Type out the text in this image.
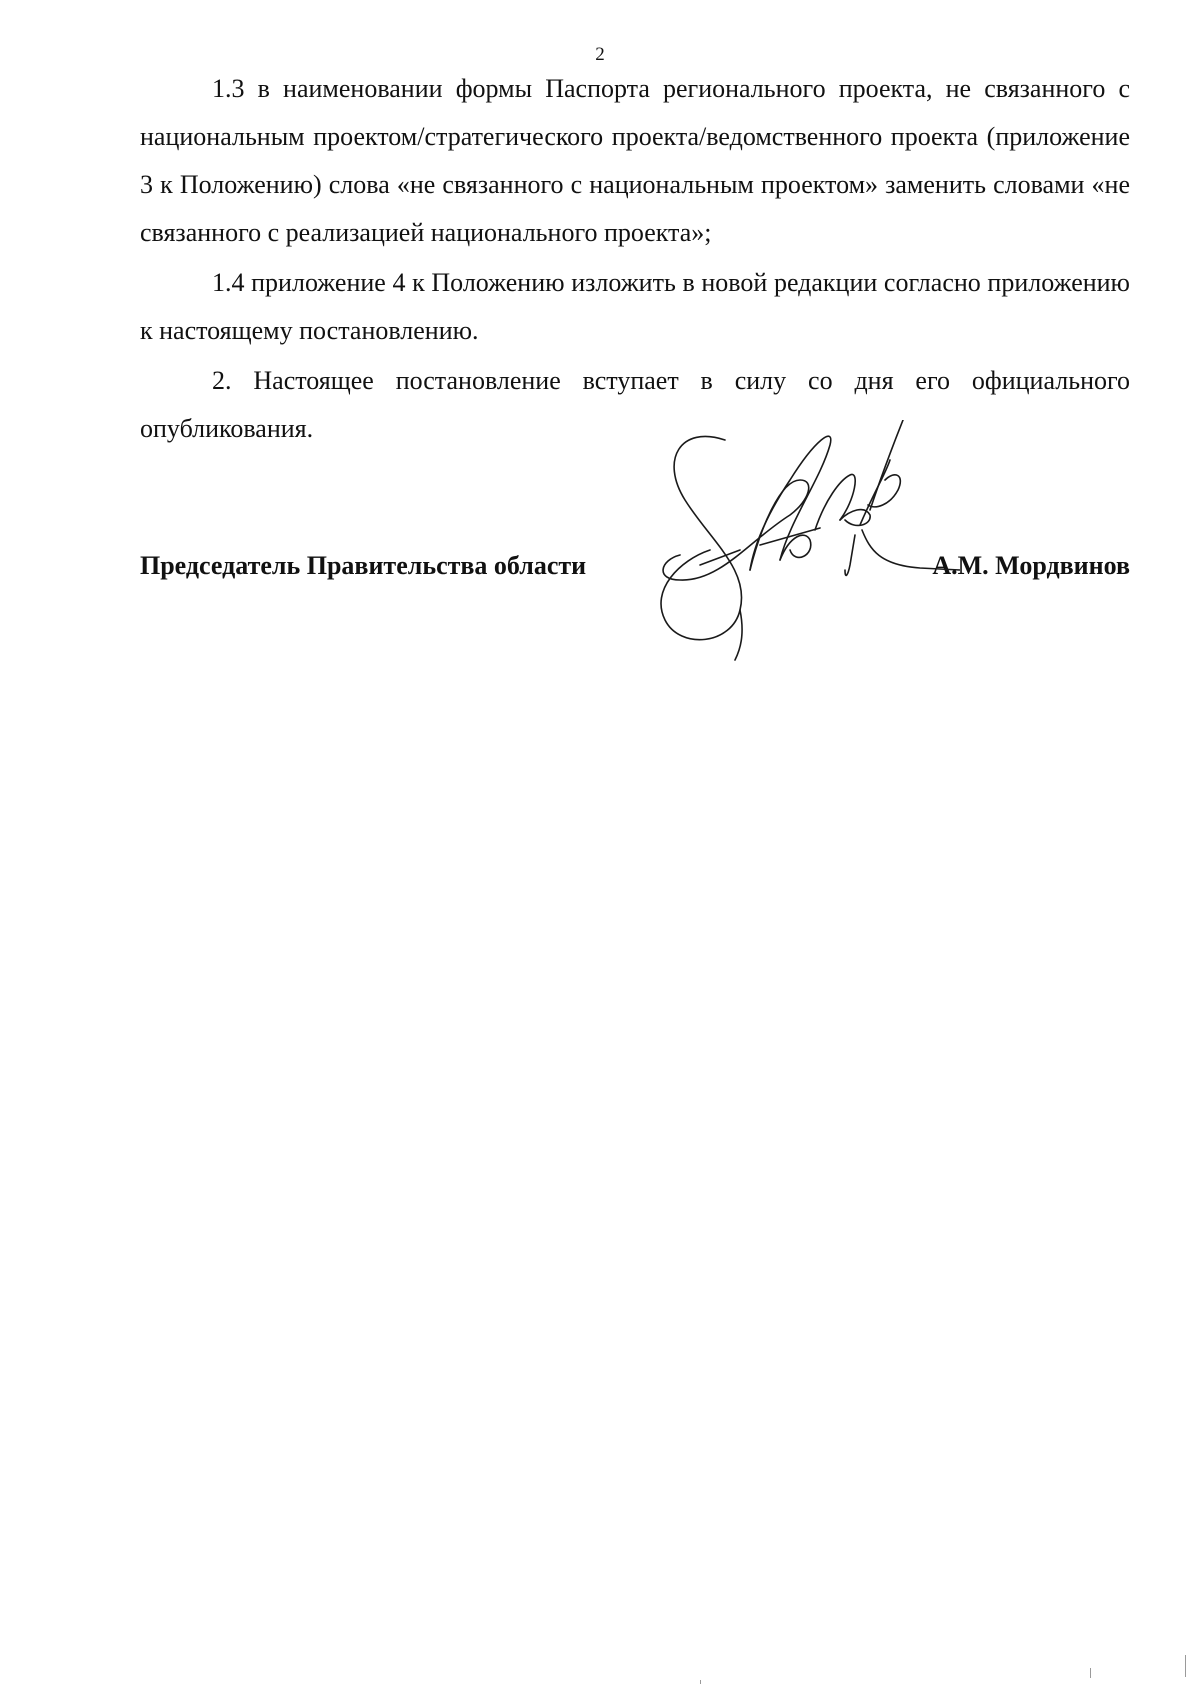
2

1.3 в наименовании формы Паспорта регионального проекта, не связанного с национальным проектом/стратегического проекта/ведомственного проекта (приложение 3 к Положению) слова «не связанного с национальным проектом» заменить словами «не связанного с реализацией национального проекта»;

1.4 приложение 4 к Положению изложить в новой редакции согласно приложению к настоящему постановлению.

2. Настоящее постановление вступает в силу со дня его официального опубликования.

Председатель Правительства области	А.М. Мордвинов
